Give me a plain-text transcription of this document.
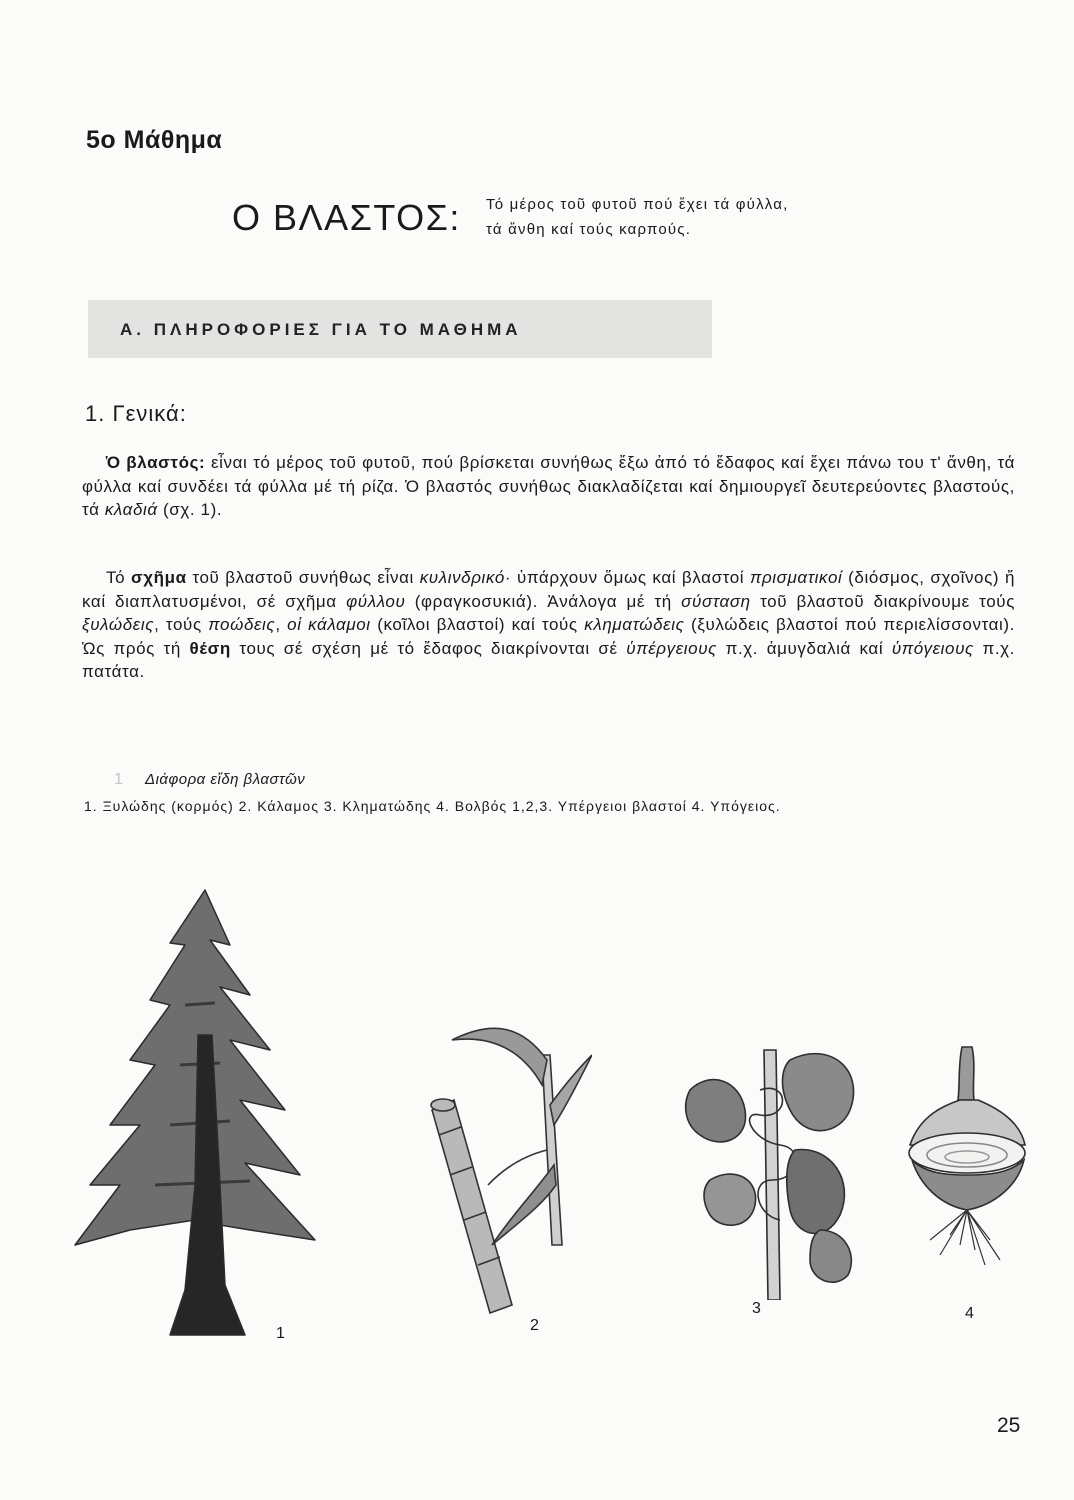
5ο Μάθημα
Ο ΒΛΑΣΤΟΣ: Τό μέρος τοῦ φυτοῦ πού ἔχει τά φύλλα,
τά ἄνθη καί τούς καρπούς.
Α. ΠΛΗΡΟΦΟΡΙΕΣ ΓΙΑ ΤΟ ΜΑΘΗΜΑ
1. Γενικά:
Ὁ βλαστός: εἶναι τό μέρος τοῦ φυτοῦ, πού βρίσκεται συνήθως ἔξω ἀπό τό ἔδαφος καί ἔχει πάνω του τ' ἄνθη, τά φύλλα καί συνδέει τά φύλλα μέ τή ρίζα. Ὁ βλαστός συνήθως διακλαδίζεται καί δημιουργεῖ δευτερεύοντες βλαστούς, τά κλαδιά (σχ. 1).
Τό σχῆμα τοῦ βλαστοῦ συνήθως εἶναι κυλινδρικό· ὑπάρχουν ὅμως καί βλαστοί πρισματικοί (διόσμος, σχοῖνος) ἤ καί διαπλατυσμένοι, σέ σχῆμα φύλλου (φραγκοσυκιά). Ἀνάλογα μέ τή σύσταση τοῦ βλαστοῦ διακρίνουμε τούς ξυλώδεις, τούς ποώδεις, οἱ κάλαμοι (κοῖλοι βλαστοί) καί τούς κληματώδεις (ξυλώδεις βλαστοί πού περιελίσσονται). Ὡς πρός τή θέση τους σέ σχέση μέ τό ἔδαφος διακρίνονται σέ ὑπέργειους π.χ. ἀμυγδαλιά καί ὑπόγειους π.χ. πατάτα.
1 Διάφορα εἴδη βλαστῶν
1. Ξυλώδης (κορμός) 2. Κάλαμος 3. Κληματώδης 4. Βολβός 1,2,3. Υπέργειοι βλαστοί 4. Υπόγειος.
1	2
3	4
25
